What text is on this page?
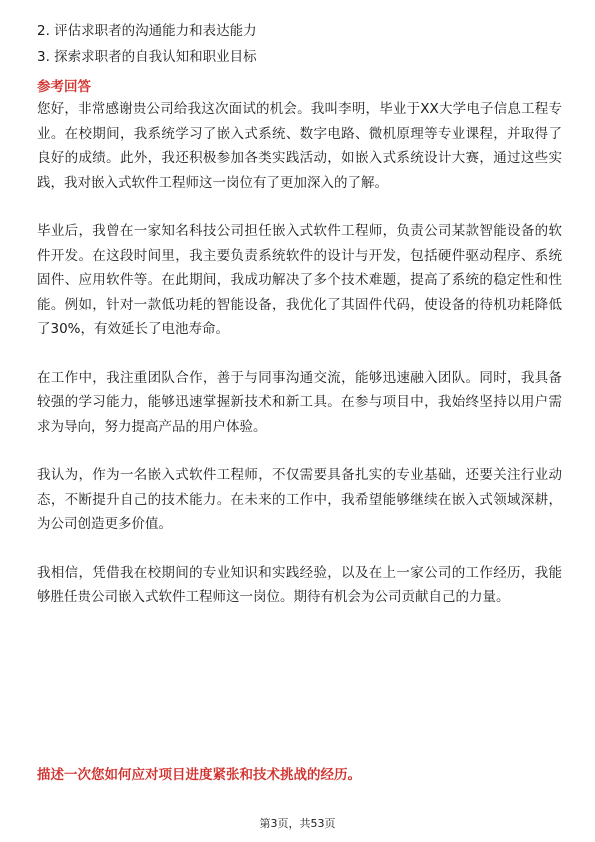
2. 评估求职者的沟通能力和表达能力
3. 探索求职者的自我认知和职业目标
参考回答

您好，非常感谢贵公司给我这次面试的机会。我叫李明，毕业于XX大学电子信息工程专业。在校期间，我系统学习了嵌入式系统、数字电路、微机原理等专业课程，并取得了良好的成绩。此外，我还积极参加各类实践活动，如嵌入式系统设计大赛，通过这些实践，我对嵌入式软件工程师这一岗位有了更加深入的了解。

毕业后，我曾在一家知名科技公司担任嵌入式软件工程师，负责公司某款智能设备的软件开发。在这段时间里，我主要负责系统软件的设计与开发，包括硬件驱动程序、系统固件、应用软件等。在此期间，我成功解决了多个技术难题，提高了系统的稳定性和性能。例如，针对一款低功耗的智能设备，我优化了其固件代码，使设备的待机功耗降低了30%，有效延长了电池寿命。

在工作中，我注重团队合作，善于与同事沟通交流，能够迅速融入团队。同时，我具备较强的学习能力，能够迅速掌握新技术和新工具。在参与项目中，我始终坚持以用户需求为导向，努力提高产品的用户体验。

我认为，作为一名嵌入式软件工程师，不仅需要具备扎实的专业基础，还要关注行业动态，不断提升自己的技术能力。在未来的工作中，我希望能够继续在嵌入式领域深耕，为公司创造更多价值。

我相信，凭借我在校期间的专业知识和实践经验，以及在上一家公司的工作经历，我能够胜任贵公司嵌入式软件工程师这一岗位。期待有机会为公司贡献自己的力量。

描述一次您如何应对项目进度紧张和技术挑战的经历。
第3页，共53页
